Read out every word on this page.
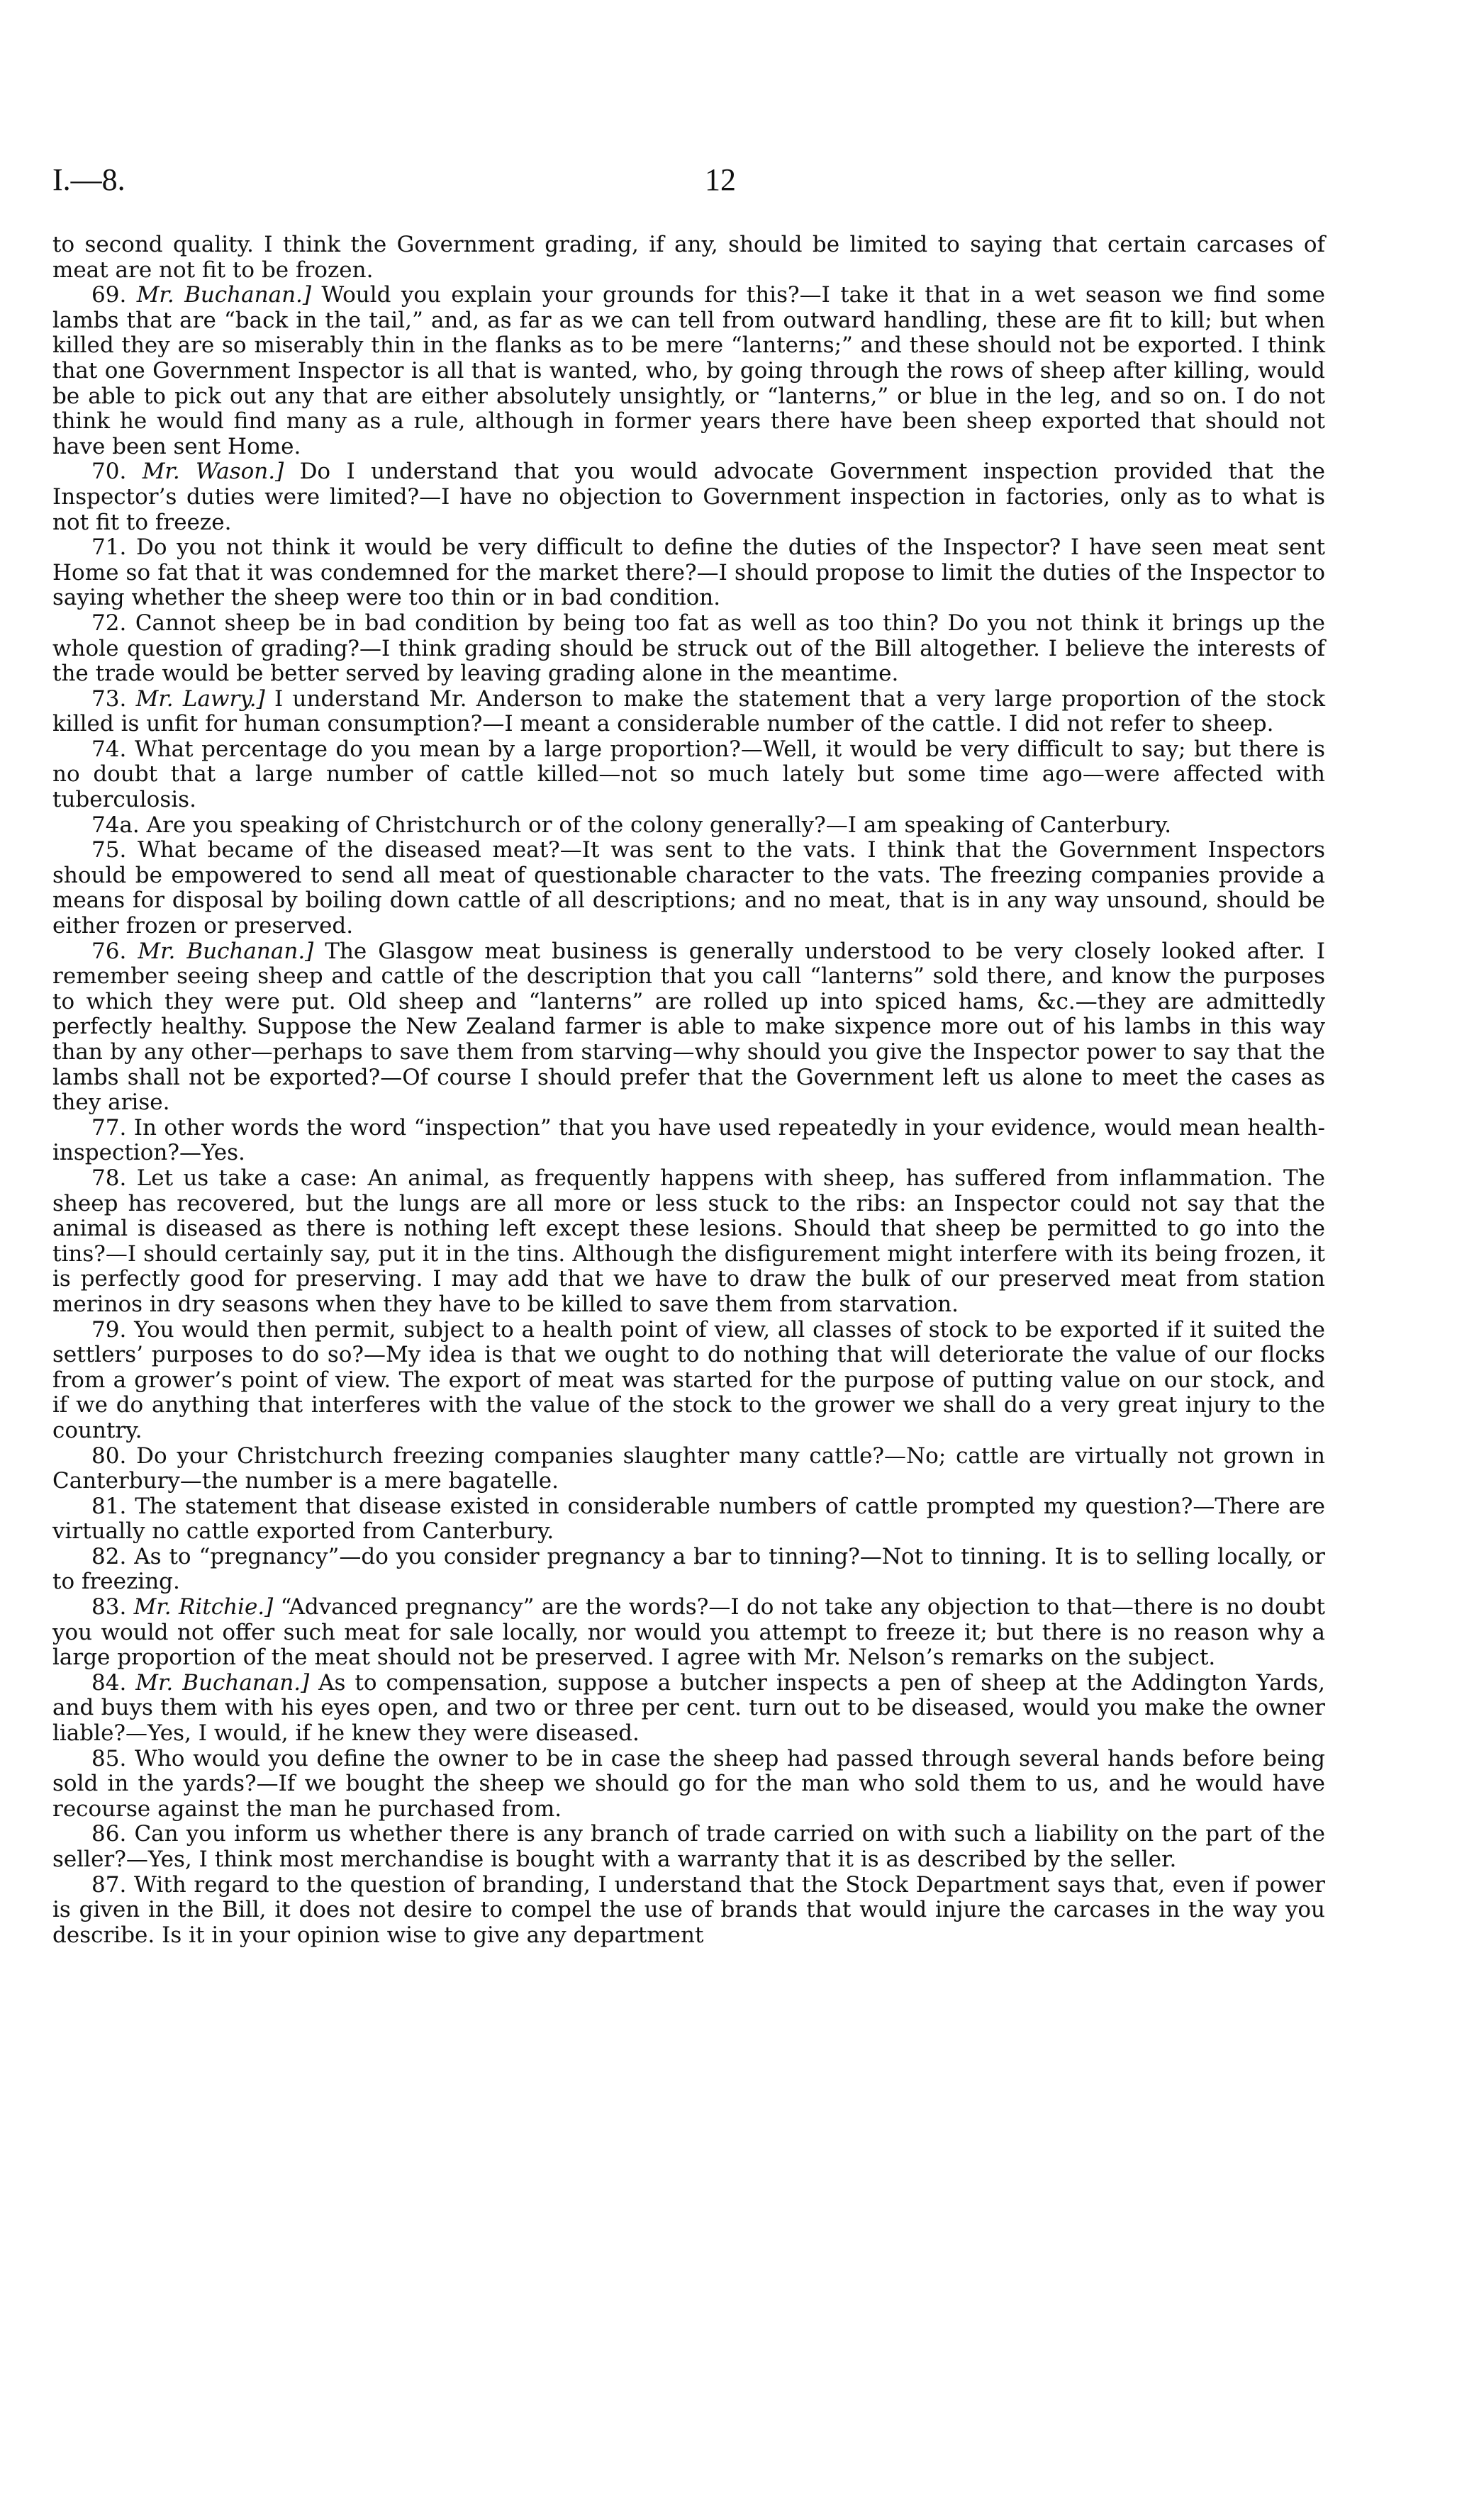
I.—8.	12

to second quality. I think the Government grading, if any, should be limited to saying that certain carcases of meat are not fit to be frozen.

69. Mr. Buchanan.] Would you explain your grounds for this?—I take it that in a wet season we find some lambs that are “back in the tail,” and, as far as we can tell from outward handling, these are fit to kill; but when killed they are so miserably thin in the flanks as to be mere “lanterns;” and these should not be exported. I think that one Government Inspector is all that is wanted, who, by going through the rows of sheep after killing, would be able to pick out any that are either absolutely unsightly, or “lanterns,” or blue in the leg, and so on. I do not think he would find many as a rule, although in former years there have been sheep exported that should not have been sent Home.

70. Mr. Wason.] Do I understand that you would advocate Government inspection provided that the Inspector’s duties were limited?—I have no objection to Government inspection in factories, only as to what is not fit to freeze.

71. Do you not think it would be very difficult to define the duties of the Inspector? I have seen meat sent Home so fat that it was condemned for the market there?—I should propose to limit the duties of the Inspector to saying whether the sheep were too thin or in bad condition.

72. Cannot sheep be in bad condition by being too fat as well as too thin? Do you not think it brings up the whole question of grading?—I think grading should be struck out of the Bill altogether. I believe the interests of the trade would be better served by leaving grading alone in the meantime.

73. Mr. Lawry.] I understand Mr. Anderson to make the statement that a very large proportion of the stock killed is unfit for human consumption?—I meant a considerable number of the cattle. I did not refer to sheep.

74. What percentage do you mean by a large proportion?—Well, it would be very difficult to say; but there is no doubt that a large number of cattle killed—not so much lately but some time ago—were affected with tuberculosis.

74a. Are you speaking of Christchurch or of the colony generally?—I am speaking of Canterbury.

75. What became of the diseased meat?—It was sent to the vats. I think that the Government Inspectors should be empowered to send all meat of questionable character to the vats. The freezing companies provide a means for disposal by boiling down cattle of all descriptions; and no meat, that is in any way unsound, should be either frozen or preserved.

76. Mr. Buchanan.] The Glasgow meat business is generally understood to be very closely looked after. I remember seeing sheep and cattle of the description that you call “lanterns” sold there, and know the purposes to which they were put. Old sheep and “lanterns” are rolled up into spiced hams, &c.—they are admittedly perfectly healthy. Suppose the New Zealand farmer is able to make sixpence more out of his lambs in this way than by any other—perhaps to save them from starving—why should you give the Inspector power to say that the lambs shall not be exported?—Of course I should prefer that the Government left us alone to meet the cases as they arise.

77. In other words the word “inspection” that you have used repeatedly in your evidence, would mean health-inspection?—Yes.

78. Let us take a case: An animal, as frequently happens with sheep, has suffered from inflammation. The sheep has recovered, but the lungs are all more or less stuck to the ribs: an Inspector could not say that the animal is diseased as there is nothing left except these lesions. Should that sheep be permitted to go into the tins?—I should certainly say, put it in the tins. Although the disfigurement might interfere with its being frozen, it is perfectly good for preserving. I may add that we have to draw the bulk of our preserved meat from station merinos in dry seasons when they have to be killed to save them from starvation.

79. You would then permit, subject to a health point of view, all classes of stock to be exported if it suited the settlers’ purposes to do so?—My idea is that we ought to do nothing that will deteriorate the value of our flocks from a grower’s point of view. The export of meat was started for the purpose of putting value on our stock, and if we do anything that interferes with the value of the stock to the grower we shall do a very great injury to the country.

80. Do your Christchurch freezing companies slaughter many cattle?—No; cattle are virtually not grown in Canterbury—the number is a mere bagatelle.

81. The statement that disease existed in considerable numbers of cattle prompted my question?—There are virtually no cattle exported from Canterbury.

82. As to “pregnancy”—do you consider pregnancy a bar to tinning?—Not to tinning. It is to selling locally, or to freezing.

83. Mr. Ritchie.] “Advanced pregnancy” are the words?—I do not take any objection to that—there is no doubt you would not offer such meat for sale locally, nor would you attempt to freeze it; but there is no reason why a large proportion of the meat should not be preserved. I agree with Mr. Nelson’s remarks on the subject.

84. Mr. Buchanan.] As to compensation, suppose a butcher inspects a pen of sheep at the Addington Yards, and buys them with his eyes open, and two or three per cent. turn out to be diseased, would you make the owner liable?—Yes, I would, if he knew they were diseased.

85. Who would you define the owner to be in case the sheep had passed through several hands before being sold in the yards?—If we bought the sheep we should go for the man who sold them to us, and he would have recourse against the man he purchased from.

86. Can you inform us whether there is any branch of trade carried on with such a liability on the part of the seller?—Yes, I think most merchandise is bought with a warranty that it is as described by the seller.

87. With regard to the question of branding, I understand that the Stock Department says that, even if power is given in the Bill, it does not desire to compel the use of brands that would injure the carcases in the way you describe. Is it in your opinion wise to give any department
